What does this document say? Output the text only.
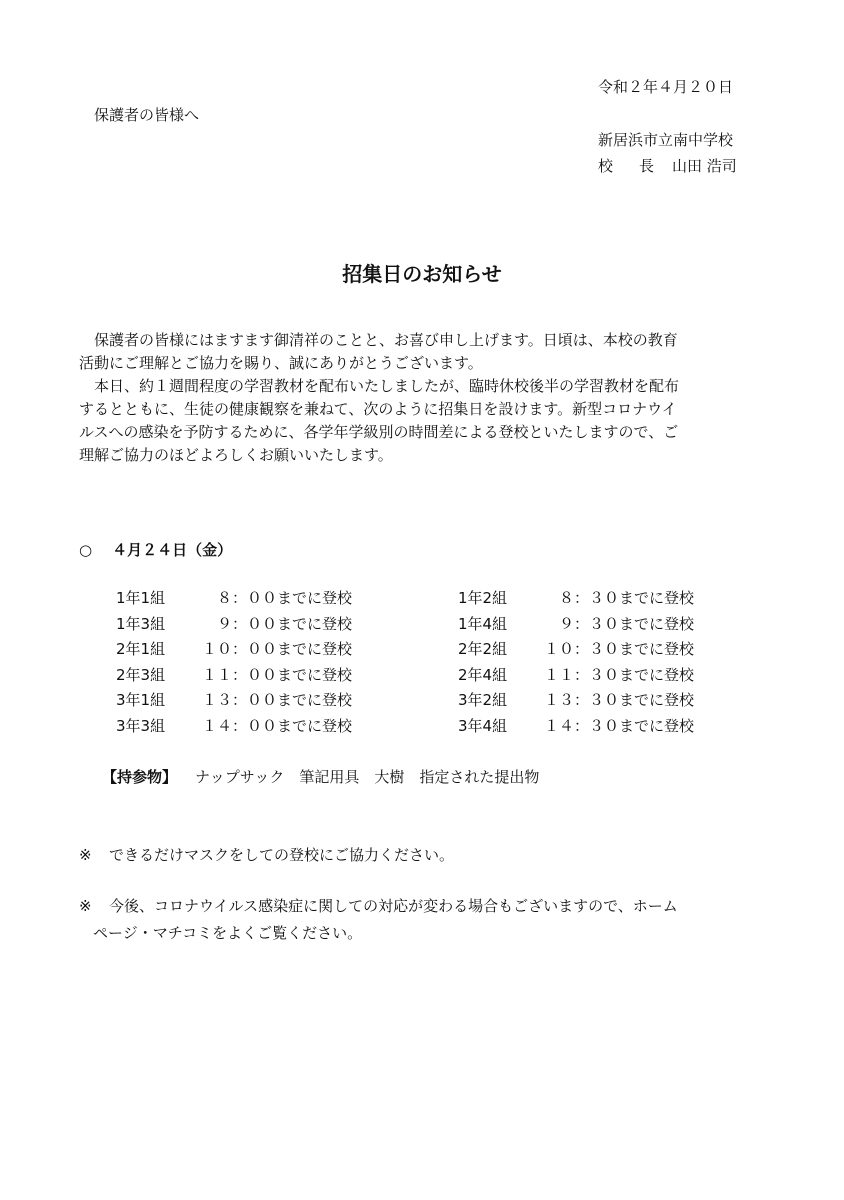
令和２年４月２０日
保護者の皆様へ
新居浜市立南中学校
校 長 山田 浩司
招集日のお知らせ
　保護者の皆様にはますます御清祥のことと、お喜び申し上げます。日頃は、本校の教育
活動にご理解とご協力を賜り、誠にありがとうございます。
　本日、約１週間程度の学習教材を配布いたしましたが、臨時休校後半の学習教材を配布
するとともに、生徒の健康観察を兼ねて、次のように招集日を設けます。新型コロナウイ
ルスへの感染を予防するために、各学年学級別の時間差による登校といたしますので、ご
理解ご協力のほどよろしくお願いいたします。
○ ４月２４日（金）
1年1組	８：００までに登校	1年2組	８：３０までに登校
1年3組	９：００までに登校	1年4組	９：３０までに登校
2年1組 １０：００までに登校	2年2組 １０：３０までに登校
2年3組 １１：００までに登校	2年4組 １１：３０までに登校
3年1組 １３：００までに登校	3年2組 １３：３０までに登校
3年3組 １４：００までに登校	3年4組 １４：３０までに登校
【持参物】 ナップサック　筆記用具　大樹　指定された提出物
※ できるだけマスクをしての登校にご協力ください。
※ 今後、コロナウイルス感染症に関しての対応が変わる場合もございますので、ホーム
ページ・マチコミをよくご覧ください。
